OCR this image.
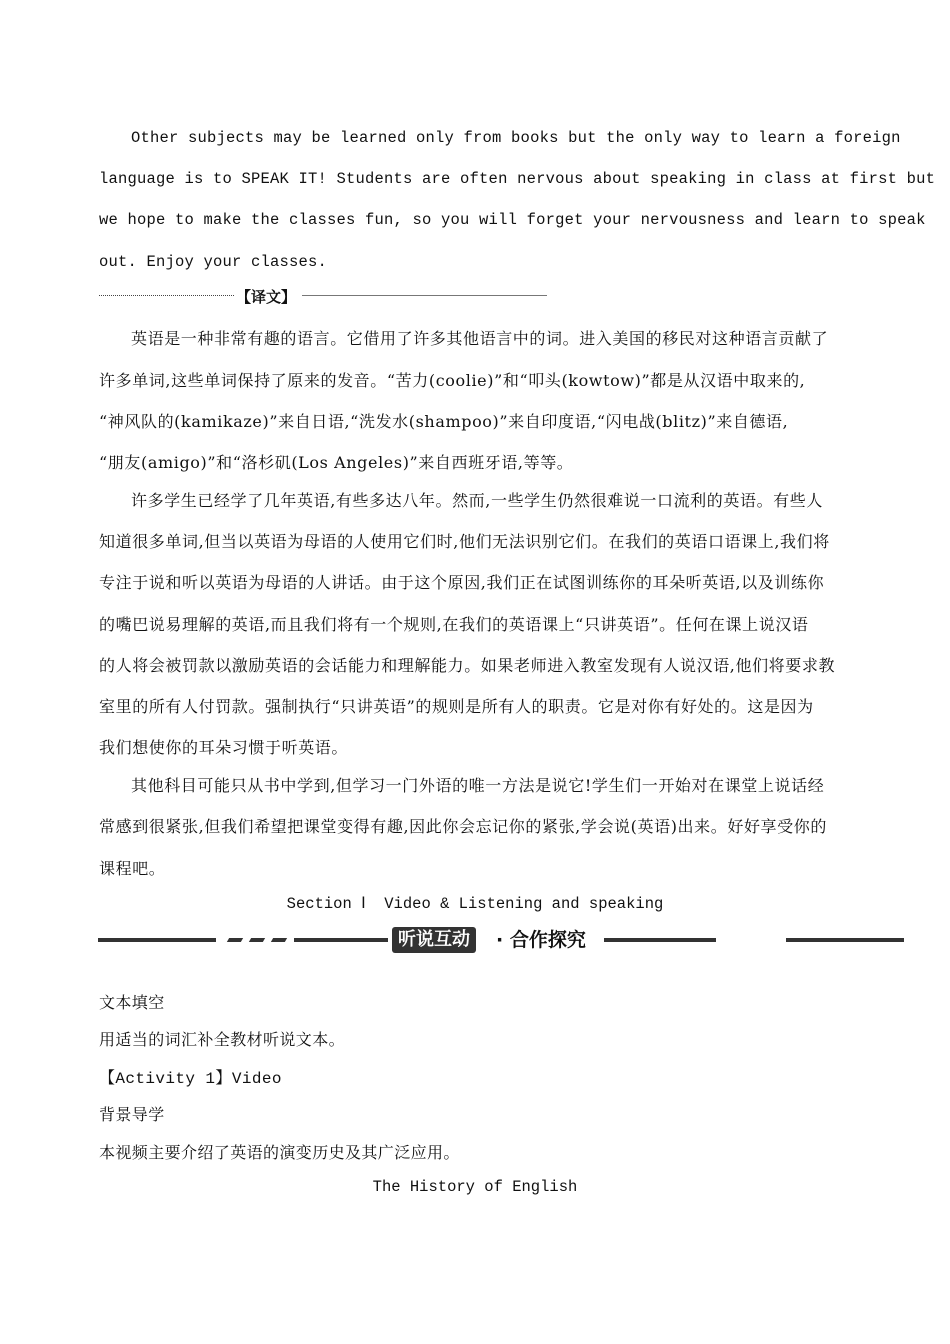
Other subjects may be learned only from books but the only way to learn a foreign
language is to SPEAK IT! Students are often nervous about speaking in class at first but
we hope to make the classes fun, so you will forget your nervousness and learn to speak
out. Enjoy your classes.
【译文】
英语是一种非常有趣的语言。它借用了许多其他语言中的词。进入美国的移民对这种语言贡献了
许多单词,这些单词保持了原来的发音。“苦力(coolie)”和“叩头(kowtow)”都是从汉语中取来的,
“神风队的(kamikaze)”来自日语,“洗发水(shampoo)”来自印度语,“闪电战(blitz)”来自德语,
“朋友(amigo)”和“洛杉矶(Los Angeles)”来自西班牙语,等等。
许多学生已经学了几年英语,有些多达八年。然而,一些学生仍然很难说一口流利的英语。有些人
知道很多单词,但当以英语为母语的人使用它们时,他们无法识别它们。在我们的英语口语课上,我们将
专注于说和听以英语为母语的人讲话。由于这个原因,我们正在试图训练你的耳朵听英语,以及训练你
的嘴巴说易理解的英语,而且我们将有一个规则,在我们的英语课上“只讲英语”。任何在课上说汉语
的人将会被罚款以激励英语的会话能力和理解能力。如果老师进入教室发现有人说汉语,他们将要求教
室里的所有人付罚款。强制执行“只讲英语”的规则是所有人的职责。它是对你有好处的。这是因为
我们想使你的耳朵习惯于听英语。
其他科目可能只从书中学到,但学习一门外语的唯一方法是说它!学生们一开始对在课堂上说话经
常感到很紧张,但我们希望把课堂变得有趣,因此你会忘记你的紧张,学会说(英语)出来。好好享受你的
课程吧。
Section Ⅰ  Video & Listening and speaking
听说互动	· 合作探究
文本填空
用适当的词汇补全教材听说文本。
【Activity 1】Video
背景导学
本视频主要介绍了英语的演变历史及其广泛应用。
The History of English
